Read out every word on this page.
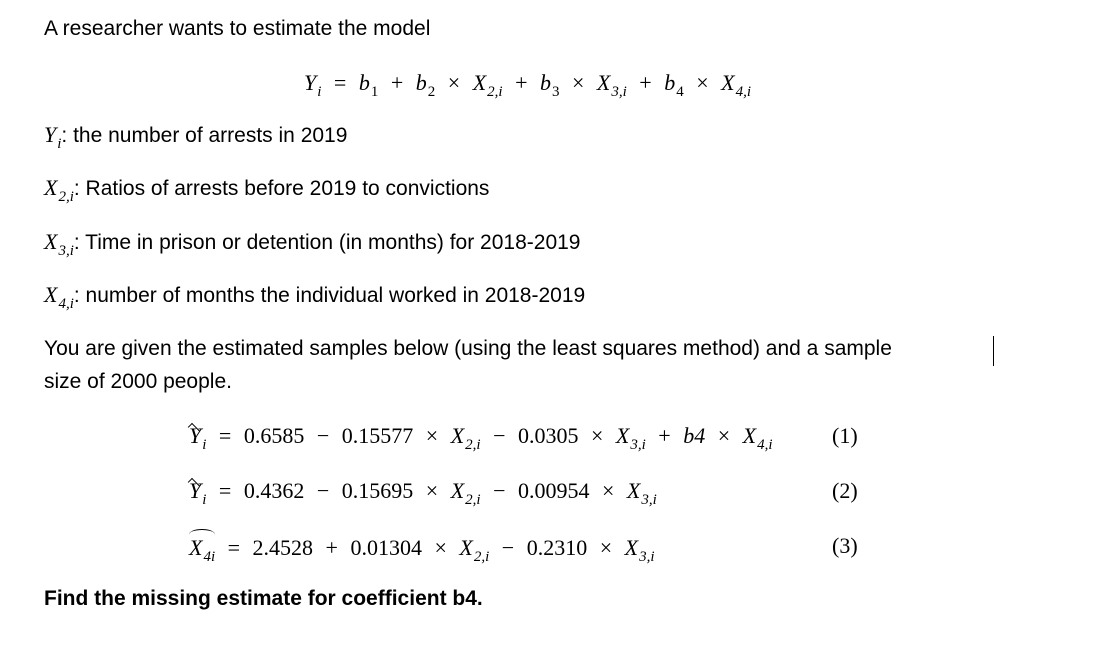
A researcher wants to estimate the model
$Y_i = b_1 + b_2 \times X_{2,i} + b_3 \times X_{3,i} + b_4 \times X_{4,i}$
$Y_i$: the number of arrests in 2019
$X_{2,i}$: Ratios of arrests before 2019 to convictions
$X_{3,i}$: Time in prison or detention (in months) for 2018-2019
$X_{4,i}$: number of months the individual worked in 2018-2019
You are given the estimated samples below (using the least squares method) and a sample
size of 2000 people.
$Y_i = 0.6585 - 0.15577 \times X_{2,i} - 0.0305 \times X_{3,i} + b4 \times X_{4,i}$	(1)
$Y_i = 0.4362 - 0.15695 \times X_{2,i} - 0.00954 \times X_{3,i}$	(2)
$X_{4i} = 2.4528 + 0.01304 \times X_{2,i} - 0.2310 \times X_{3,i}$	(3)
Find the missing estimate for coefficient b4.
